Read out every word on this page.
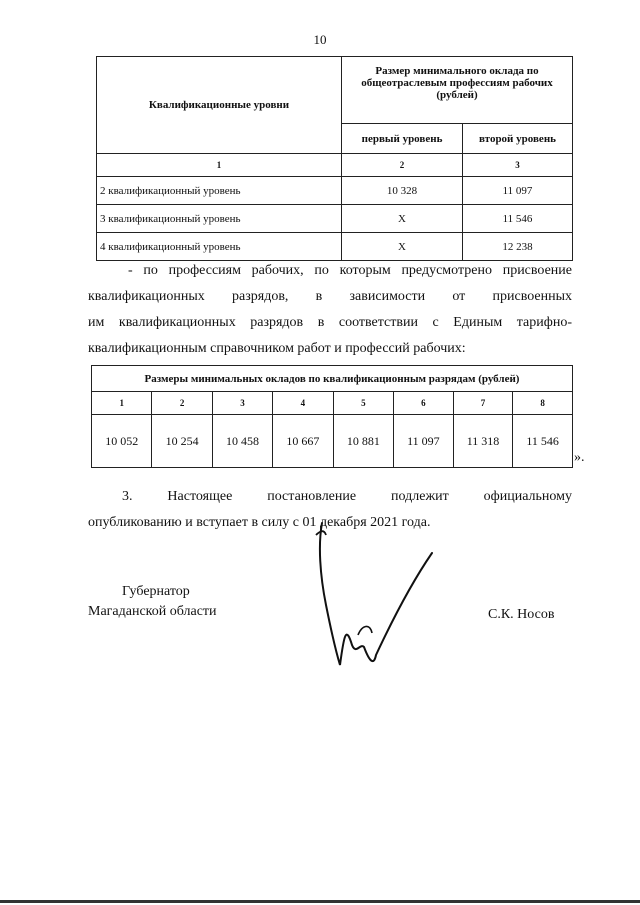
10
Квалификационные уровни	Размер минимального оклада по общеотраслевым профессиям рабочих (рублей)	
	первый уровень	второй уровень
1	2	3
2 квалификационный уровень	10 328	11 097
3 квалификационный уровень	Х	11 546
4 квалификационный уровень	Х	12 238
- по профессиям рабочих, по которым предусмотрено присвоение
квалификационных разрядов, в зависимости от присвоенных
им квалификационных разрядов в соответствии с Единым тарифно-
квалификационным справочником работ и профессий рабочих:
Размеры минимальных окладов по квалификационным разрядам (рублей)							
1	2	3	4	5	6	7	8
10 052	10 254	10 458	10 667	10 881	11 097	11 318	11 546
».
3. Настоящее постановление подлежит официальному
опубликованию и вступает в силу с 01 декабря 2021 года.
Губернатор
Магаданской области	С.К. Носов
